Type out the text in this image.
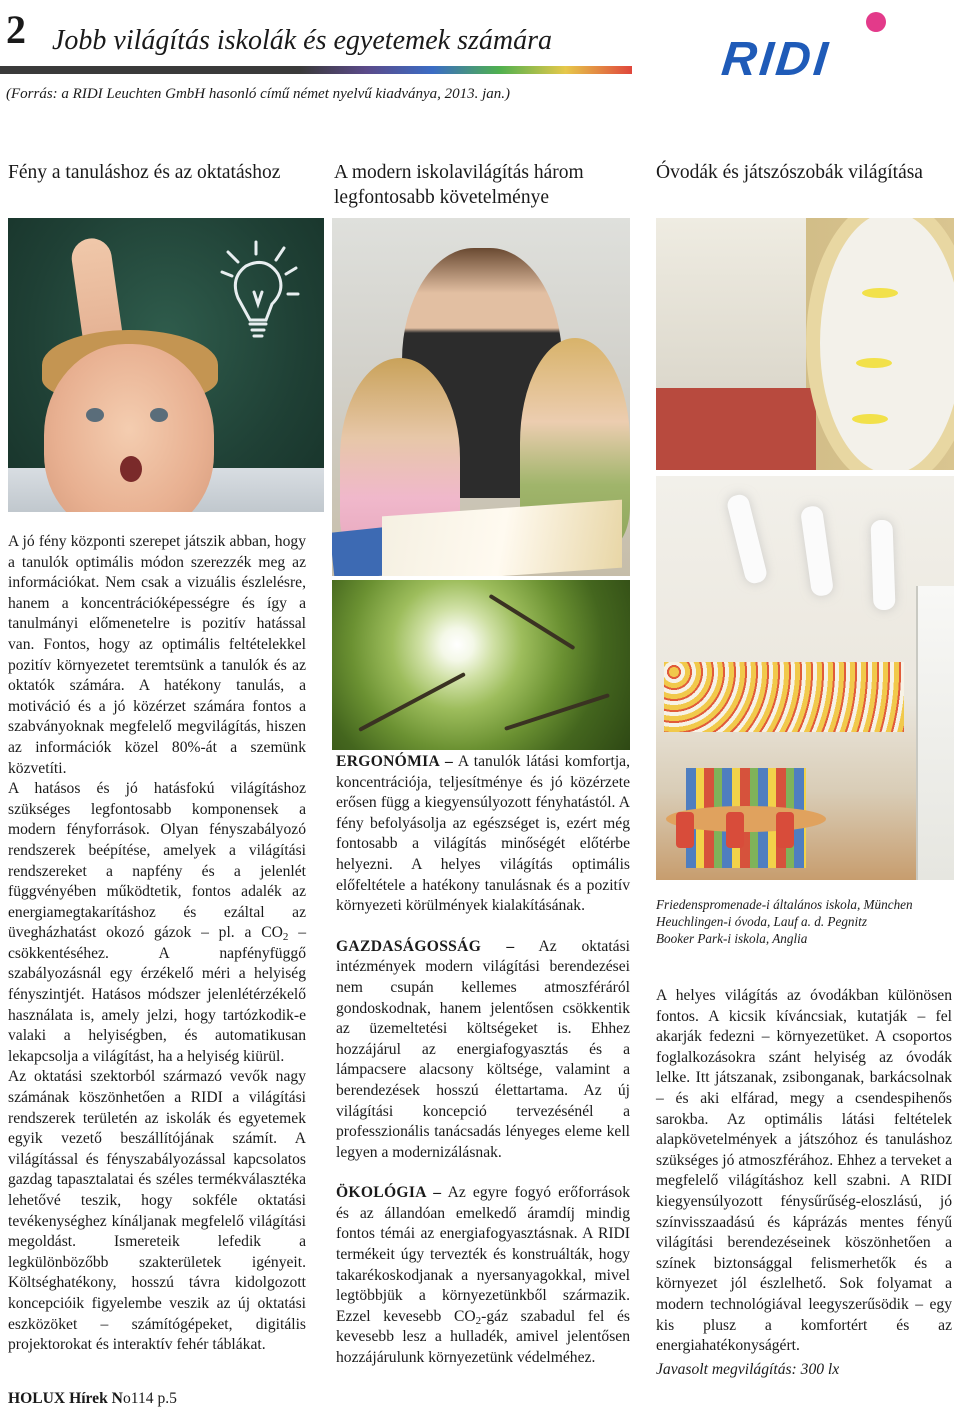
2 Jobb világítás iskolák és egyetemek számára
(Forrás: a RIDI Leuchten GmbH hasonló című német nyelvű kiadványa, 2013. jan.)
RIDI
Fény a tanuláshoz és az oktatáshoz	A modern iskolavilágítás három legfontosabb követelménye
Óvodák és játszószobák világítása

A jó fény központi szerepet játszik abban, hogy a tanulók optimális módon szerezzék meg az információkat. Nem csak a vizuális észlelésre, hanem a koncentrációképességre és így a tanulmányi előmenetelre is pozitív hatással van. Fontos, hogy az optimális feltételekkel pozitív környezetet teremtsünk a tanulók és az oktatók számára. A hatékony tanulás, a motiváció és a jó közérzet számára fontos a szabványoknak megfelelő megvilágítás, hiszen az információk közel 80%-át a szemünk közvetíti.

A hatásos és jó hatásfokú világításhoz szükséges legfontosabb komponensek a modern fényforrások. Olyan fényszabályozó rendszerek beépítése, amelyek a világítási rendszereket a napfény és a jelenlét függvényében működtetik, fontos adalék az energiamegtakarításhoz és ezáltal az üvegházhatást okozó gázok – pl. a $CO_2$ – csökkentéséhez. A napfényfüggő szabályozásnál egy érzékelő méri a helyiség fényszintjét. Hatásos módszer jelenlétérzékelő használata is, amely jelzi, hogy tartózkodik-e valaki a helyiségben, és automatikusan lekapcsolja a világítást, ha a helyiség kiürül.

Az oktatási szektorból származó vevők nagy számának köszönhetően a RIDI a világítási rendszerek területén az iskolák és egyetemek egyik vezető beszállítójának számít. A világítással és fényszabályozással kapcsolatos gazdag tapasztalatai és széles termékválasztéka lehetővé teszik, hogy sokféle oktatási tevékenységhez kínáljanak megfelelő világítási megoldást. Ismereteik lefedik a legkülönbözőbb szakterületek igényeit. Költséghatékony, hosszú távra kidolgozott koncepcióik figyelembe veszik az új oktatási eszközöket – számítógépeket, digitális projektorokat és interaktív fehér táblákat.

ERGONÓMIA – A tanulók látási komfortja, koncentrációja, teljesítménye és jó közérzete erősen függ a kiegyensúlyozott fényhatástól. A fény befolyásolja az egészséget is, ezért még fontosabb a világítás minőségét előtérbe helyezni. A helyes világítás optimális előfeltétele a hatékony tanulásnak és a pozitív környezeti körülmények kialakításának.

GAZDASÁGOSSÁG – Az oktatási intézmények modern világítási berendezései nem csupán kellemes atmoszféráról gondoskodnak, hanem jelentősen csökkentik az üzemeltetési költségeket is. Ehhez hozzájárul az energiafogyasztás és a lámpacsere alacsony költsége, valamint a berendezések hosszú élettartama. Az új világítási koncepció tervezésénél a professzionális tanácsadás lényeges eleme kell legyen a modernizálásnak.

ÖKOLÓGIA – Az egyre fogyó erőforrások és az állandóan emelkedő áramdíj mindig fontos témái az energiafogyasztásnak. A RIDI termékeit úgy tervezték és konstruálták, hogy takarékoskodjanak a nyersanyagokkal, mivel legtöbbjük a környezetünkből származik. Ezzel kevesebb $CO_2$-gáz szabadul fel és kevesebb lesz a hulladék, amivel jelentősen hozzájárulunk környezetünk védelméhez.

Friedenspromenade-i általános iskola, München
Heuchlingen-i óvoda, Lauf a. d. Pegnitz
Booker Park-i iskola, Anglia

A helyes világítás az óvodákban különösen fontos. A kicsik kíváncsiak, kutatják – fel akarják fedezni – környezetüket. A csoportos foglalkozásokra szánt helyiség az óvodák lelke. Itt játszanak, zsibonganak, barkácsolnak – és aki elfárad, megy a csendespihenős sarokba. Az optimális látási feltételek alapkövetelmények a játszóhoz és tanuláshoz szükséges jó atmoszférához. Ehhez a terveket a megfelelő világításhoz kell szabni. A RIDI kiegyensúlyozott fénysűrűség-eloszlású, jó színvisszaadású és káprázás mentes fényű világítási berendezéseinek köszönhetően a színek biztonsággal felismerhetők és a környezet jól észlelhető. Sok folyamat a modern technológiával leegyszerűsödik – egy kis plusz a komfortért és az energiahatékonyságért.

Javasolt megvilágítás: 300 lx
HOLUX Hírek No114 p.5
